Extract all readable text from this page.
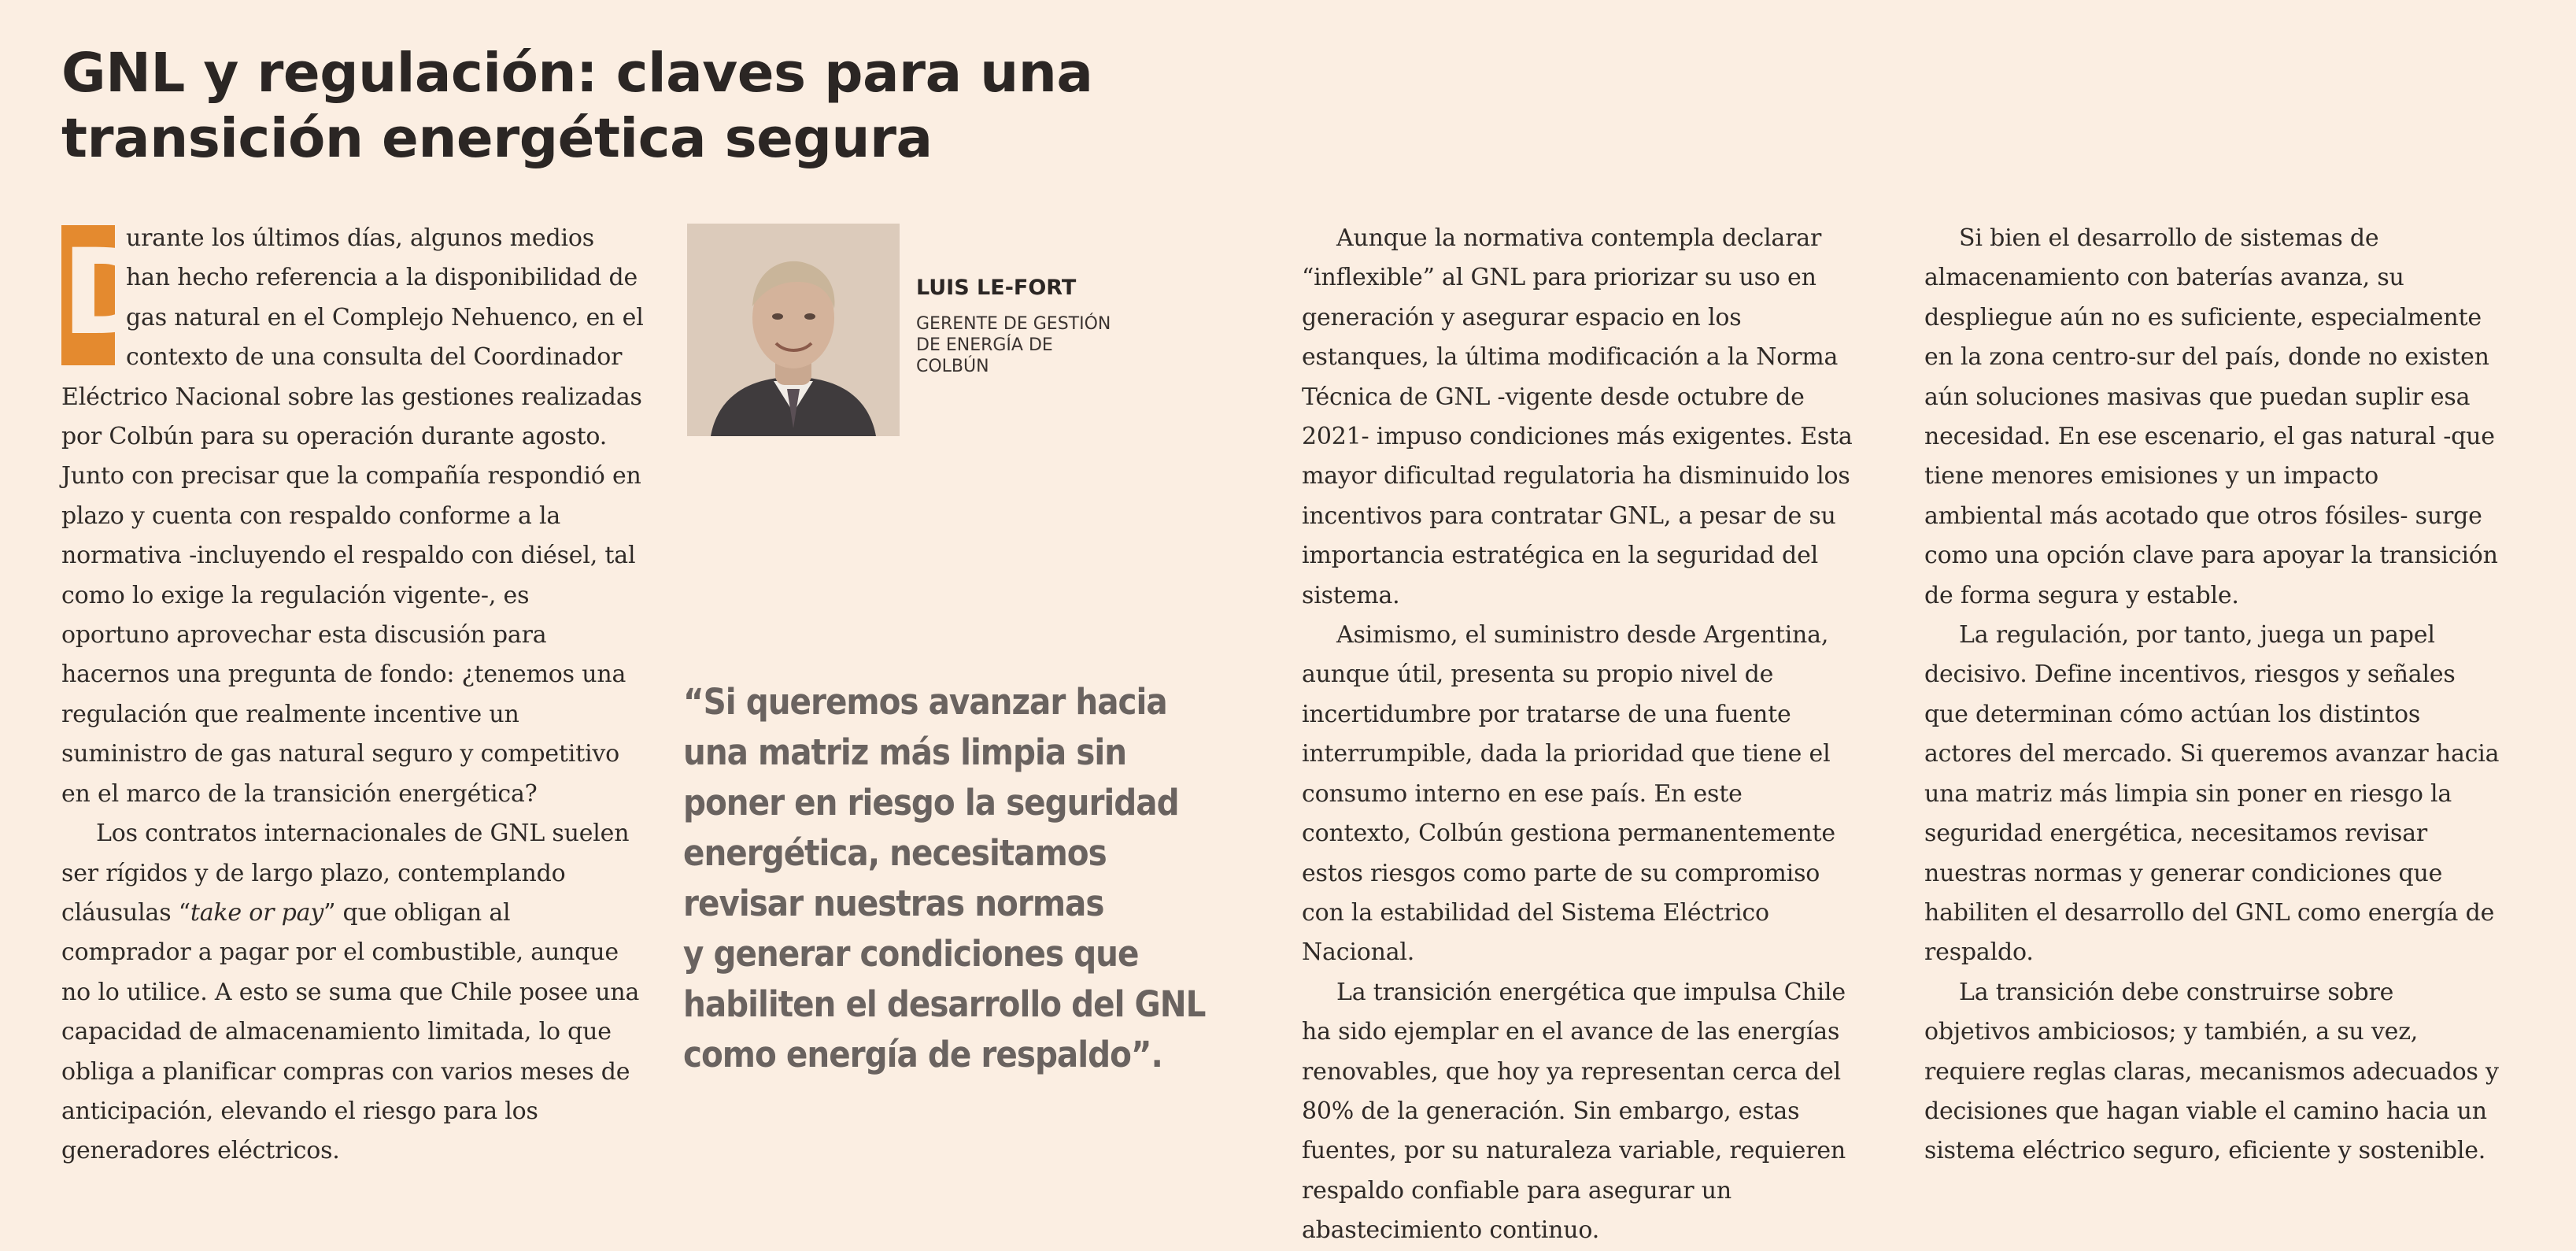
GNL y regulación: claves para una
transición energética segura

D
urante los últimos días, algunos medios han hecho referencia a la disponibilidad de gas natural en el Complejo Nehuenco, en el contexto de una consulta del Coordinador Eléctrico Nacional sobre las gestiones realizadas por Colbún para su operación durante agosto. Junto con precisar que la compañía respondió en plazo y cuenta con respaldo conforme a la normativa -incluyendo el respaldo con diésel, tal como lo exige la regulación vigente-, es oportuno aprovechar esta discusión para hacernos una pregunta de fondo: ¿tenemos una regulación que realmente incentive un suministro de gas natural seguro y competitivo en el marco de la transición energética?

Los contratos internacionales de GNL suelen ser rígidos y de largo plazo, contemplando cláusulas “take or pay” que obligan al comprador a pagar por el combustible, aunque no lo utilice. A esto se suma que Chile posee una capacidad de almacenamiento limitada, lo que obliga a planificar compras con varios meses de anticipación, elevando el riesgo para los generadores eléctricos.

LUIS LE-FORT

GERENTE DE GESTIÓN
DE ENERGÍA DE
COLBÚN

“Si queremos avanzar hacia
una matriz más limpia sin
poner en riesgo la seguridad
energética, necesitamos
revisar nuestras normas
y generar condiciones que
habiliten el desarrollo del GNL
como energía de respaldo”.

Aunque la normativa contempla declarar “inflexible” al GNL para priorizar su uso en generación y asegurar espacio en los estanques, la última modificación a la Norma Técnica de GNL -vigente desde octubre de 2021- impuso condiciones más exigentes. Esta mayor dificultad regulatoria ha disminuido los incentivos para contratar GNL, a pesar de su importancia estratégica en la seguridad del sistema.

Asimismo, el suministro desde Argentina, aunque útil, presenta su propio nivel de incertidumbre por tratarse de una fuente interrumpible, dada la prioridad que tiene el consumo interno en ese país. En este contexto, Colbún gestiona permanentemente estos riesgos como parte de su compromiso con la estabilidad del Sistema Eléctrico Nacional.

La transición energética que impulsa Chile ha sido ejemplar en el avance de las energías renovables, que hoy ya representan cerca del 80% de la generación. Sin embargo, estas fuentes, por su naturaleza variable, requieren respaldo confiable para asegurar un abastecimiento continuo.

Si bien el desarrollo de sistemas de almacenamiento con baterías avanza, su despliegue aún no es suficiente, especialmente en la zona centro-sur del país, donde no existen aún soluciones masivas que puedan suplir esa necesidad. En ese escenario, el gas natural -que tiene menores emisiones y un impacto ambiental más acotado que otros fósiles- surge como una opción clave para apoyar la transición de forma segura y estable.

La regulación, por tanto, juega un papel decisivo. Define incentivos, riesgos y señales que determinan cómo actúan los distintos actores del mercado. Si queremos avanzar hacia una matriz más limpia sin poner en riesgo la seguridad energética, necesitamos revisar nuestras normas y generar condiciones que habiliten el desarrollo del GNL como energía de respaldo.

La transición debe construirse sobre objetivos ambiciosos; y también, a su vez, requiere reglas claras, mecanismos adecuados y decisiones que hagan viable el camino hacia un sistema eléctrico seguro, eficiente y sostenible.
